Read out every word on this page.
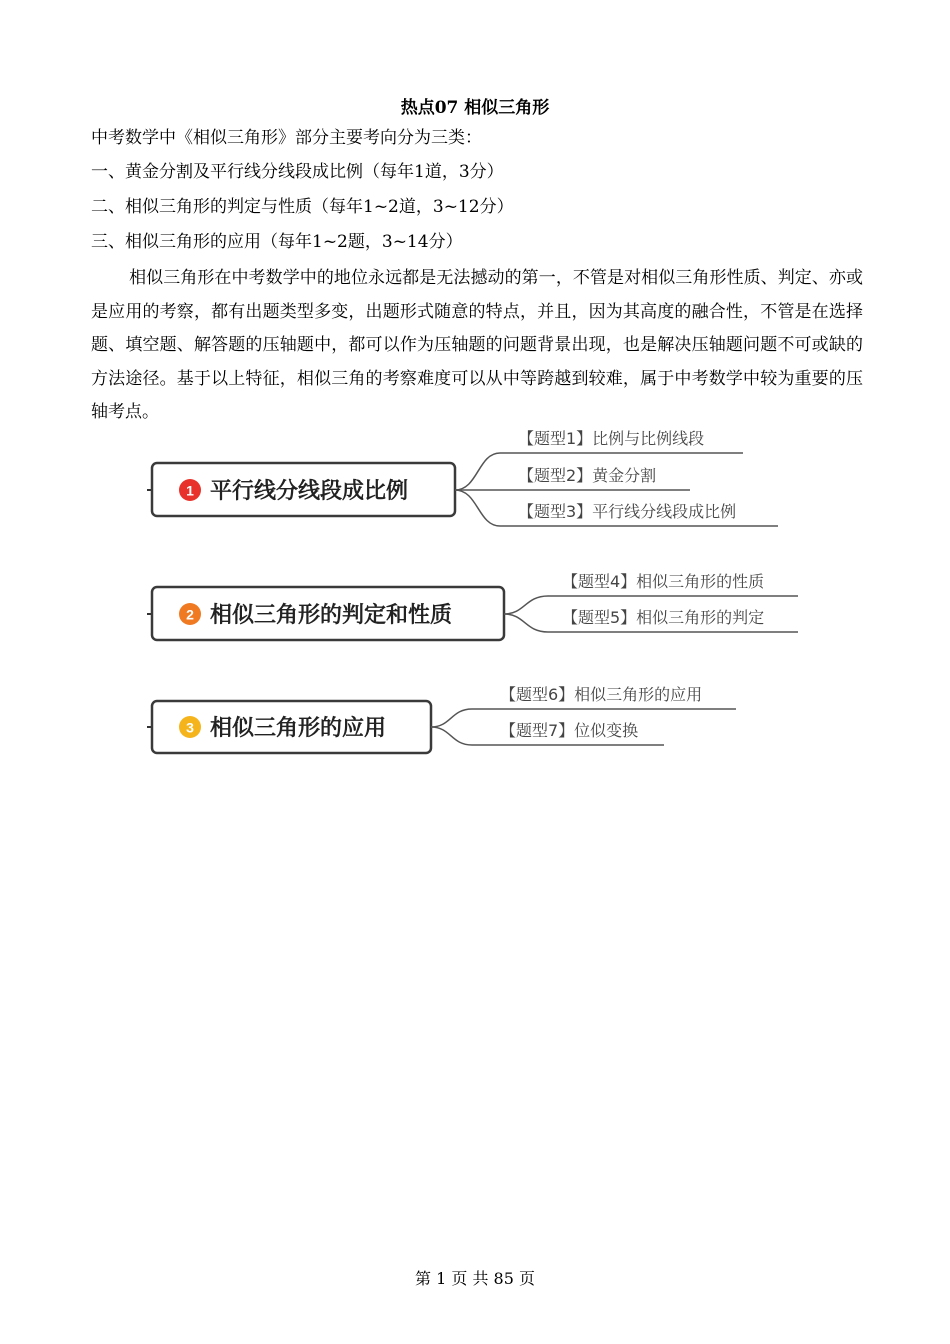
热点07 相似三角形
中考数学中《相似三角形》部分主要考向分为三类：
一、黄金分割及平行线分线段成比例（每年1道，3分）
二、相似三角形的判定与性质（每年1~2道，3~12分）
三、相似三角形的应用（每年1~2题，3~14分）
相似三角形在中考数学中的地位永远都是无法撼动的第一，不管是对相似三角形性质、判定、亦或是应用的考察，都有出题类型多变，出题形式随意的特点，并且，因为其高度的融合性，不管是在选择题、填空题、解答题的压轴题中，都可以作为压轴题的问题背景出现，也是解决压轴题问题不可或缺的方法途径。基于以上特征，相似三角的考察难度可以从中等跨越到较难，属于中考数学中较为重要的压轴考点。
1 平行线分线段成比例
【题型1】比例与比例线段
【题型2】黄金分割
【题型3】平行线分线段成比例
2 相似三角形的判定和性质
【题型4】相似三角形的性质
【题型5】相似三角形的判定
3 相似三角形的应用
【题型6】相似三角形的应用
【题型7】位似变换
第 1 页 共 85 页
